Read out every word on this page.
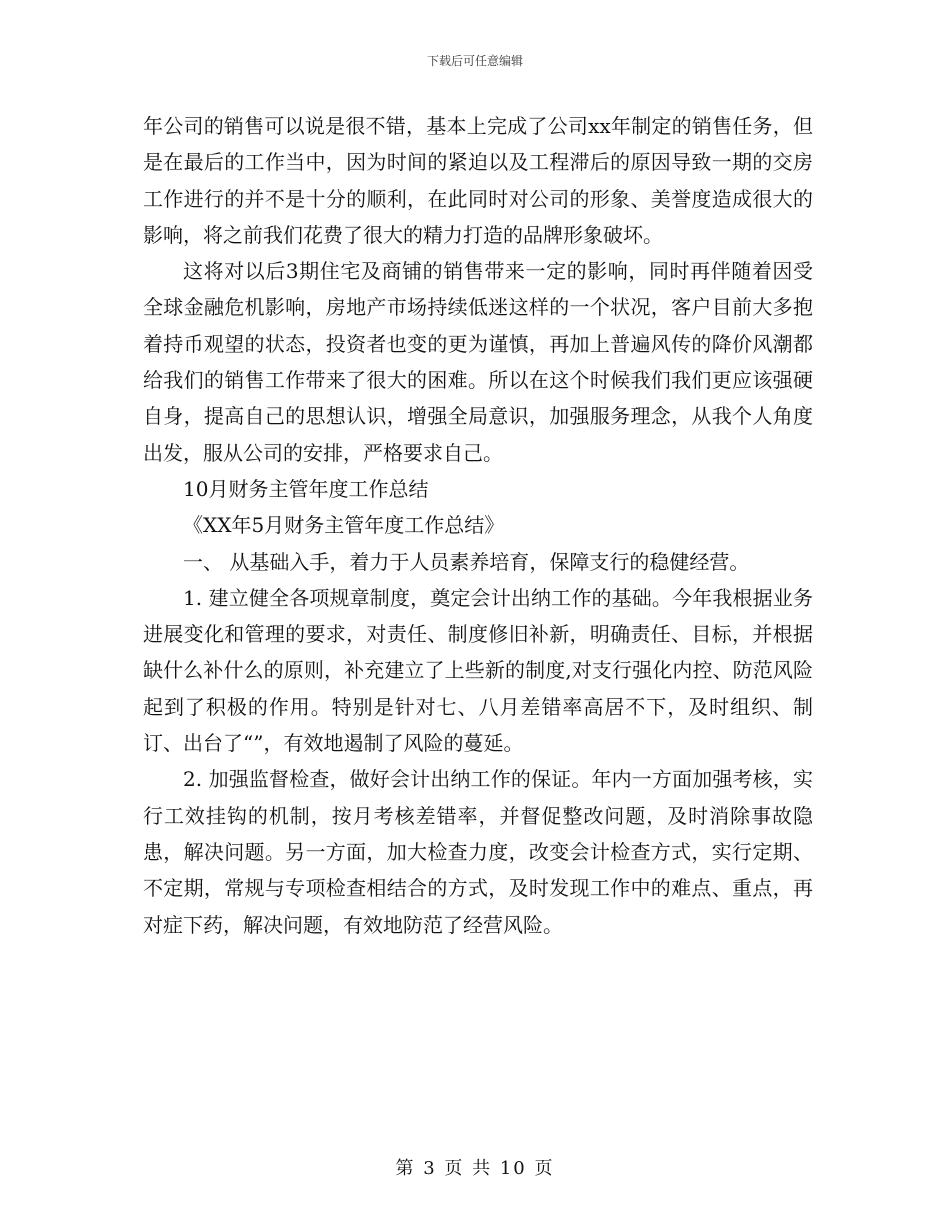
下载后可任意编辑

年公司的销售可以说是很不错，基本上完成了公司xx年制定的销售任务，但是在最后的工作当中，因为时间的紧迫以及工程滞后的原因导致一期的交房工作进行的并不是十分的顺利，在此同时对公司的形象、美誉度造成很大的影响，将之前我们花费了很大的精力打造的品牌形象破坏。

这将对以后3期住宅及商铺的销售带来一定的影响，同时再伴随着因受全球金融危机影响，房地产市场持续低迷这样的一个状况，客户目前大多抱着持币观望的状态，投资者也变的更为谨慎，再加上普遍风传的降价风潮都给我们的销售工作带来了很大的困难。所以在这个时候我们我们更应该强硬自身，提高自己的思想认识，增强全局意识，加强服务理念，从我个人角度出发，服从公司的安排，严格要求自己。

10月财务主管年度工作总结

《XX年5月财务主管年度工作总结》

一、 从基础入手，着力于人员素养培育，保障支行的稳健经营。

1. 建立健全各项规章制度，奠定会计出纳工作的基础。今年我根据业务进展变化和管理的要求，对责任、制度修旧补新，明确责任、目标，并根据缺什么补什么的原则，补充建立了上些新的制度,对支行强化内控、防范风险起到了积极的作用。特别是针对七、八月差错率高居不下，及时组织、制订、出台了“”，有效地遏制了风险的蔓延。

2. 加强监督检查，做好会计出纳工作的保证。年内一方面加强考核，实行工效挂钩的机制，按月考核差错率，并督促整改问题，及时消除事故隐患，解决问题。另一方面，加大检查力度，改变会计检查方式，实行定期、不定期，常规与专项检查相结合的方式，及时发现工作中的难点、重点，再对症下药，解决问题，有效地防范了经营风险。

第 3 页 共 10 页
